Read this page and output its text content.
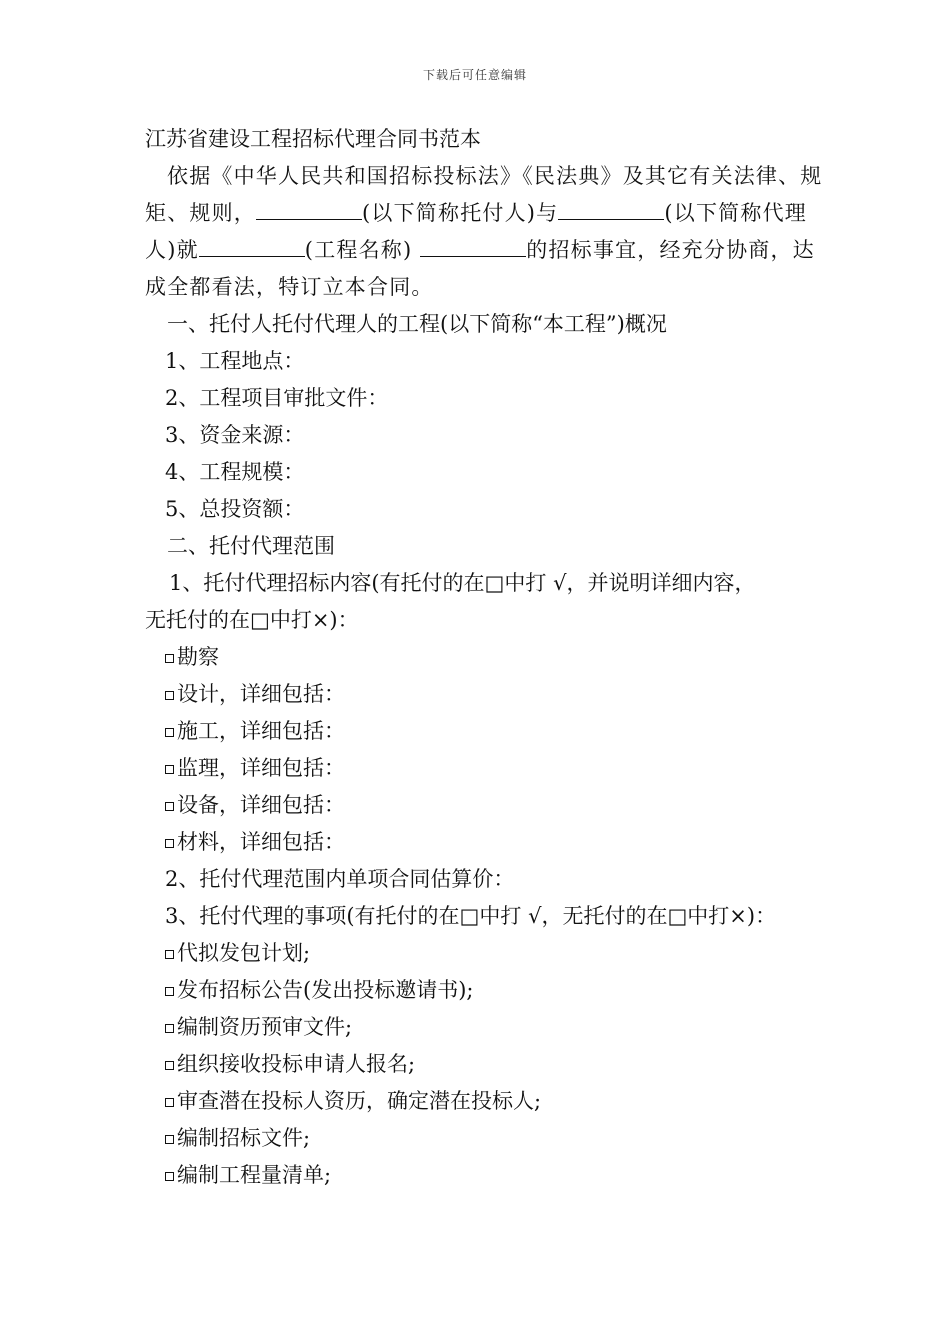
下载后可任意编辑
江苏省建设工程招标代理合同书范本
依据《中华人民共和国招标投标法》《民法典》及其它有关法律、规矩、规则，	(以下简称托付人)与	(以下简称代理人)就	(工程名称)	的招标事宜，经充分协商，达成全都看法，特订立本合同。
一、托付人托付代理人的工程(以下简称“本工程”)概况
1、工程地点：
2、工程项目审批文件：
3、资金来源：
4、工程规模：
5、总投资额：
二、托付代理范围
1、托付代理招标内容(有托付的在□中打 √，并说明详细内容，
无托付的在□中打×)：
勘察
设计，详细包括：
施工，详细包括：
监理，详细包括：
设备，详细包括：
材料，详细包括：
2、托付代理范围内单项合同估算价：
3、托付代理的事项(有托付的在□中打 √，无托付的在□中打×)：
代拟发包计划;
发布招标公告(发出投标邀请书);
编制资历预审文件;
组织接收投标申请人报名;
审查潜在投标人资历，确定潜在投标人;
编制招标文件;
编制工程量清单;
